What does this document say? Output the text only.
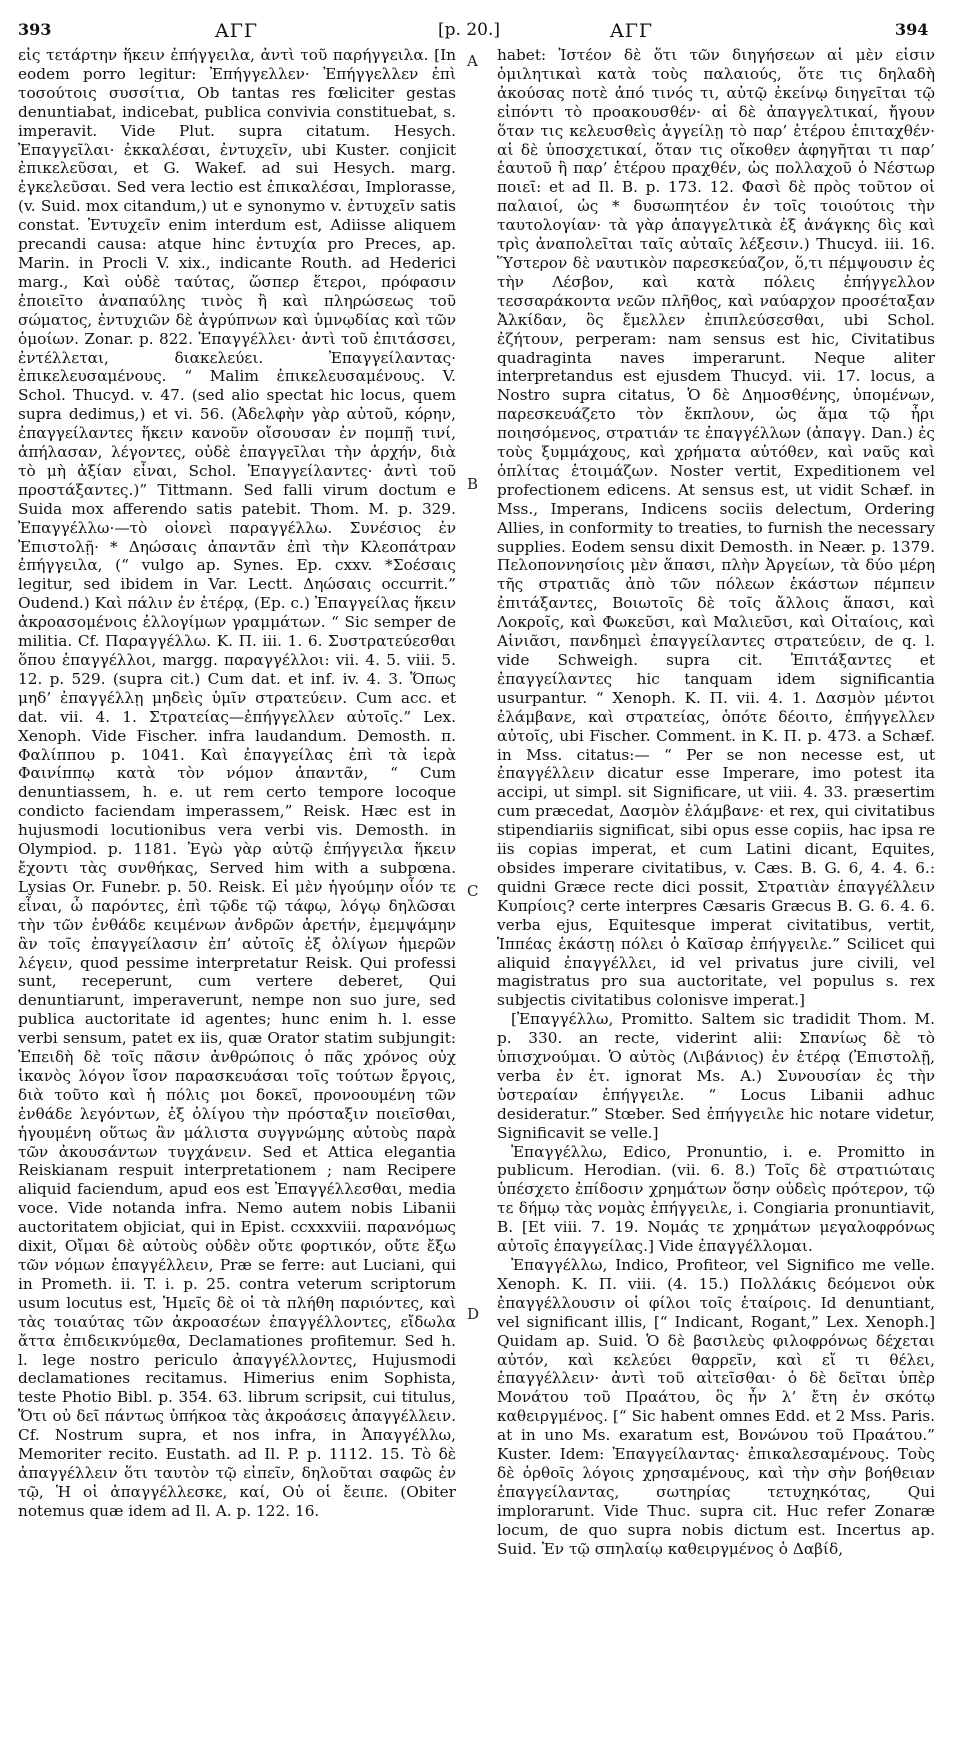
393	ΑΓΓ	[p. 20.]	ΑΓΓ	394

εἰς τετάρτην ἥκειν ἐπήγγειλα, ἀντὶ τοῦ παρήγγειλα. [In eodem porro legitur: Ἐπήγγελλεν· Ἐπήγγελλεν ἐπὶ τοσούτοις συσσίτια, Ob tantas res fœliciter gestas denuntiabat, indicebat, publica convivia constituebat, s. imperavit. Vide Plut. supra citatum. Hesych. Ἐπαγγεῖλαι· ἐκκαλέσαι, ἐντυχεῖν, ubi Kuster. conjicit ἐπικελεῦσαι, et G. Wakef. ad sui Hesych. marg. ἐγκελεῦσαι. Sed vera lectio est ἐπικαλέσαι, Implorasse, (v. Suid. mox citandum,) ut e synonymo v. ἐντυχεῖν satis constat. Ἐντυχεῖν enim interdum est, Adiisse aliquem precandi causa: atque hinc ἐντυχία pro Preces, ap. Marin. in Procli V. xix., indicante Routh. ad Hederici marg., Καὶ οὐδὲ ταύτας, ὥσπερ ἕτεροι, πρόφασιν ἐποιεῖτο ἀναπαύλης τινὸς ἢ καὶ πληρώσεως τοῦ σώματος, ἐντυχιῶν δὲ ἀγρύπνων καὶ ὑμνῳδίας καὶ τῶν ὁμοίων. Zonar. p. 822. Ἐπαγγέλλει· ἀντὶ τοῦ ἐπιτάσσει, ἐντέλλεται, διακελεύει. Ἐπαγγείλαντας· ἐπικελευσαμένους. “ Malim ἐπικελευσαμένους. V. Schol. Thucyd. v. 47. (sed alio spectat hic locus, quem supra dedimus,) et vi. 56. (Ἀδελφὴν γὰρ αὐτοῦ, κόρην, ἐπαγγείλαντες ἥκειν κανοῦν οἴσουσαν ἐν πομπῇ τινί, ἀπήλασαν, λέγοντες, οὐδὲ ἐπαγγεῖλαι τὴν ἀρχήν, διὰ τὸ μὴ ἀξίαν εἶναι, Schol. Ἐπαγγείλαντες· ἀντὶ τοῦ προστάξαντες.)” Tittmann. Sed falli virum doctum e Suida mox afferendo satis patebit. Thom. M. p. 329. Ἐπαγγέλλω·—τὸ οἱονεὶ παραγγέλλω. Συνέσιος ἐν Ἐπιστολῇ· * Δηώσαις ἀπαντᾶν ἐπὶ τὴν Κλεοπάτραν ἐπήγγειλα, (“ vulgo ap. Synes. Ep. cxxv. *Σοέσαις legitur, sed ibidem in Var. Lectt. Δηώσαις occurrit.” Oudend.) Καὶ πάλιν ἐν ἑτέρᾳ, (Ep. c.) Ἐπαγγείλας ἥκειν ἀκροασομένοις ἐλλογίμων γραμμάτων. “ Sic semper de militia. Cf. Παραγγέλλω. Κ. Π. iii. 1. 6. Συστρατεύεσθαι ὅπου ἐπαγγέλλοι, margg. παραγγέλλοι: vii. 4. 5. viii. 5. 12. p. 529. (supra cit.) Cum dat. et inf. iv. 4. 3. Ὅπως μηδ’ ἐπαγγέλλῃ μηδεὶς ὑμῖν στρατεύειν. Cum acc. et dat. vii. 4. 1. Στρατείας—ἐπήγγελλεν αὐτοῖς.” Lex. Xenoph. Vide Fischer. infra laudandum. Demosth. π. Φαλίππου p. 1041. Καὶ ἐπαγγείλας ἐπὶ τὰ ἱερὰ Φαινίππῳ κατὰ τὸν νόμον ἀπαντᾶν, “ Cum denuntiassem, h. e. ut rem certo tempore locoque condicto faciendam imperassem,” Reisk. Hæc est in hujusmodi locutionibus vera verbi vis. Demosth. in Olympiod. p. 1181. Ἐγὼ γὰρ αὐτῷ ἐπήγγειλα ἥκειν ἔχοντι τὰς συνθήκας, Served him with a subpœna. Lysias Or. Funebr. p. 50. Reisk. Εἰ μὲν ἡγούμην οἷόν τε εἶναι, ὦ παρόντες, ἐπὶ τῷδε τῷ τάφῳ, λόγῳ δηλῶσαι τὴν τῶν ἐνθάδε κειμένων ἀνδρῶν ἀρετήν, ἐμεμψάμην ἂν τοῖς ἐπαγγείλασιν ἐπ’ αὐτοῖς ἐξ ὀλίγων ἡμερῶν λέγειν, quod pessime interpretatur Reisk. Qui professi sunt, receperunt, cum vertere deberet, Qui denuntiarunt, imperaverunt, nempe non suo jure, sed publica auctoritate id agentes; hunc enim h. l. esse verbi sensum, patet ex iis, quæ Orator statim subjungit: Ἐπειδὴ δὲ τοῖς πᾶσιν ἀνθρώποις ὁ πᾶς χρόνος οὐχ ἱκανὸς λόγον ἴσον παρασκευάσαι τοῖς τούτων ἔργοις, διὰ τοῦτο καὶ ἡ πόλις μοι δοκεῖ, προνοουμένη τῶν ἐνθάδε λεγόντων, ἐξ ὀλίγου τὴν πρόσταξιν ποιεῖσθαι, ἡγουμένη οὕτως ἂν μάλιστα συγγνώμης αὐτοὺς παρὰ τῶν ἀκουσάντων τυγχάνειν. Sed et Attica elegantia Reiskianam respuit interpretationem ; nam Recipere aliquid faciendum, apud eos est Ἐπαγγέλλεσθαι, media voce. Vide notanda infra. Nemo autem nobis Libanii auctoritatem objiciat, qui in Epist. ccxxxviii. παρανόμως dixit, Οἴμαι δὲ αὐτοὺς οὐδὲν οὔτε φορτικόν, οὔτε ἔξω τῶν νόμων ἐπαγγέλλειν, Præ se ferre: aut Luciani, qui in Prometh. ii. T. i. p. 25. contra veterum scriptorum usum locutus est, Ἡμεῖς δὲ οἱ τὰ πλήθη παριόντες, καὶ τὰς τοιαύτας τῶν ἀκροασέων ἐπαγγέλλοντες, εἴδωλα ἄττα ἐπιδεικνύμεθα, Declamationes profitemur. Sed h. l. lege nostro periculo ἀπαγγέλλοντες, Hujusmodi declamationes recitamus. Himerius enim Sophista, teste Photio Bibl. p. 354. 63. librum scripsit, cui titulus, Ὅτι οὐ δεῖ πάντως ὑπήκοα τὰς ἀκροάσεις ἀπαγγέλλειν. Cf. Nostrum supra, et nos infra, in Ἀπαγγέλλω, Memoriter recito. Eustath. ad Il. P. p. 1112. 15. Τὸ δὲ ἀπαγγέλλειν ὅτι ταυτὸν τῷ εἰπεῖν, δηλοῦται σαφῶς ἐν τῷ, Ἡ οἱ ἀπαγγέλλεσκε, καί, Οὐ οἱ ἔειπε. (Obiter notemus quæ idem ad Il. A. p. 122. 16.

A
B
C
D

habet: Ἰστέον δὲ ὅτι τῶν διηγήσεων αἱ μὲν εἰσιν ὁμιλητικαὶ κατὰ τοὺς παλαιούς, ὅτε τις δηλαδὴ ἀκούσας ποτὲ ἀπό τινός τι, αὐτῷ ἐκείνῳ διηγεῖται τῷ εἰπόντι τὸ προακουσθέν· αἱ δὲ ἀπαγγελτικαί, ἤγουν ὅταν τις κελευσθεὶς ἀγγείλῃ τὸ παρ’ ἑτέρου ἐπιταχθέν· αἱ δὲ ὑποσχετικαί, ὅταν τις οἴκοθεν ἀφηγῆται τι παρ’ ἑαυτοῦ ἢ παρ’ ἑτέρου πραχθέν, ὡς πολλαχοῦ ὁ Νέστωρ ποιεῖ: et ad Il. B. p. 173. 12. Φασὶ δὲ πρὸς τοῦτον οἱ παλαιοί, ὡς * δυσωπητέον ἐν τοῖς τοιούτοις τὴν ταυτολογίαν· τὰ γὰρ ἀπαγγελτικὰ ἐξ ἀνάγκης δὶς καὶ τρὶς ἀναπολεῖται ταῖς αὐταῖς λέξεσιν.) Thucyd. iii. 16. Ὕστερον δὲ ναυτικὸν παρεσκεύαζον, ὅ,τι πέμψουσιν ἐς τὴν Λέσβον, καὶ κατὰ πόλεις ἐπήγγελλον τεσσαράκοντα νεῶν πλῆθος, καὶ ναύαρχον προσέταξαν Ἀλκίδαν, ὃς ἔμελλεν ἐπιπλεύσεσθαι, ubi Schol. ἐζήτουν, perperam: nam sensus est hic, Civitatibus quadraginta naves imperarunt. Neque aliter interpretandus est ejusdem Thucyd. vii. 17. locus, a Nostro supra citatus, Ὁ δὲ Δημοσθένης, ὑπομένων, παρεσκευάζετο τὸν ἔκπλουν, ὡς ἅμα τῷ ἦρι ποιησόμενος, στρατιάν τε ἐπαγγέλλων (ἀπαγγ. Dan.) ἐς τοὺς ξυμμάχους, καὶ χρήματα αὐτόθεν, καὶ ναῦς καὶ ὁπλίτας ἑτοιμάζων. Noster vertit, Expeditionem vel profectionem edicens. At sensus est, ut vidit Schæf. in Mss., Imperans, Indicens sociis delectum, Ordering Allies, in conformity to treaties, to furnish the necessary supplies. Eodem sensu dixit Demosth. in Neær. p. 1379. Πελοποννησίοις μὲν ἅπασι, πλὴν Ἀργείων, τὰ δύο μέρη τῆς στρατιᾶς ἀπὸ τῶν πόλεων ἑκάστων πέμπειν ἐπιτάξαντες, Βοιωτοῖς δὲ τοῖς ἄλλοις ἅπασι, καὶ Λοκροῖς, καὶ Φωκεῦσι, καὶ Μαλιεῦσι, καὶ Οἰταίοις, καὶ Αἰνιᾶσι, πανδημεὶ ἐπαγγείλαντες στρατεύειν, de q. l. vide Schweigh. supra cit. Ἐπιτάξαντες et ἐπαγγείλαντες hic tanquam idem significantia usurpantur. “ Xenoph. K. Π. vii. 4. 1. Δασμὸν μέντοι ἐλάμβανε, καὶ στρατείας, ὁπότε δέοιτο, ἐπήγγελλεν αὐτοῖς, ubi Fischer. Comment. in K. Π. p. 473. a Schæf. in Mss. citatus:— “ Per se non necesse est, ut ἐπαγγέλλειν dicatur esse Imperare, imo potest ita accipi, ut simpl. sit Significare, ut viii. 4. 33. præsertim cum præcedat, Δασμὸν ἐλάμβανε· et rex, qui civitatibus stipendiariis significat, sibi opus esse copiis, hac ipsa re iis copias imperat, et cum Latini dicant, Equites, obsides imperare civitatibus, v. Cæs. B. G. 6, 4. 4. 6.: quidni Græce recte dici possit, Στρατιὰν ἐπαγγέλλειν Κυπρίοις? certe interpres Cæsaris Græcus B. G. 6. 4. 6. verba ejus, Equitesque imperat civitatibus, vertit, Ἱππέας ἑκάστῃ πόλει ὁ Καῖσαρ ἐπήγγειλε.” Scilicet qui aliquid ἐπαγγέλλει, id vel privatus jure civili, vel magistratus pro sua auctoritate, vel populus s. rex subjectis civitatibus colonisve imperat.]

[Ἐπαγγέλλω, Promitto. Saltem sic tradidit Thom. M. p. 330. an recte, viderint alii: Σπανίως δὲ τὸ ὑπισχνούμαι. Ὁ αὐτὸς (Λιβάνιος) ἐν ἑτέρᾳ (Ἐπιστολῇ, verba ἐν ἑτ. ignorat Ms. A.) Συνουσίαν ἐς τὴν ὑστεραίαν ἐπήγγειλε. “ Locus Libanii adhuc desideratur.” Stœber. Sed ἐπήγγειλε hic notare videtur, Significavit se velle.]

Ἐπαγγέλλω, Edico, Pronuntio, i. e. Promitto in publicum. Herodian. (vii. 6. 8.) Τοῖς δὲ στρατιώταις ὑπέσχετο ἐπίδοσιν χρημάτων ὅσην οὐδεὶς πρότερον, τῷ τε δήμῳ τὰς νομὰς ἐπήγγειλε, i. Congiaria pronuntiavit, B. [Et viii. 7. 19. Νομάς τε χρημάτων μεγαλοφρόνως αὐτοῖς ἐπαγγείλας.] Vide ἐπαγγέλλομαι.

Ἐπαγγέλλω, Indico, Profiteor, vel Significo me velle. Xenoph. K. Π. viii. (4. 15.) Πολλάκις δεόμενοι οὐκ ἐπαγγέλλουσιν οἱ φίλοι τοῖς ἑταίροις. Id denuntiant, vel significant illis, [“ Indicant, Rogant,” Lex. Xenoph.] Quidam ap. Suid. Ὁ δὲ βασιλεὺς φιλοφρόνως δέχεται αὐτόν, καὶ κελεύει θαρρεῖν, καὶ εἴ τι θέλει, ἐπαγγέλλειν· ἀντὶ τοῦ αἰτεῖσθαι· ὁ δὲ δεῖται ὑπὲρ Μονάτου τοῦ Πραάτου, ὃς ἦν λ’ ἔτη ἐν σκότῳ καθειργμένος. [“ Sic habent omnes Edd. et 2 Mss. Paris. at in uno Ms. exaratum est, Βονώνου τοῦ Πραάτου.” Kuster. Idem: Ἐπαγγείλαντας· ἐπικαλεσαμένους. Τοὺς δὲ ὀρθοῖς λόγοις χρησαμένους, καὶ τὴν σὴν βοήθειαν ἐπαγγείλαντας, σωτηρίας τετυχηκότας, Qui implorarunt. Vide Thuc. supra cit. Huc refer Zonaræ locum, de quo supra nobis dictum est. Incertus ap. Suid. Ἐν τῷ σπηλαίῳ καθειργμένος ὁ Δαβίδ,
